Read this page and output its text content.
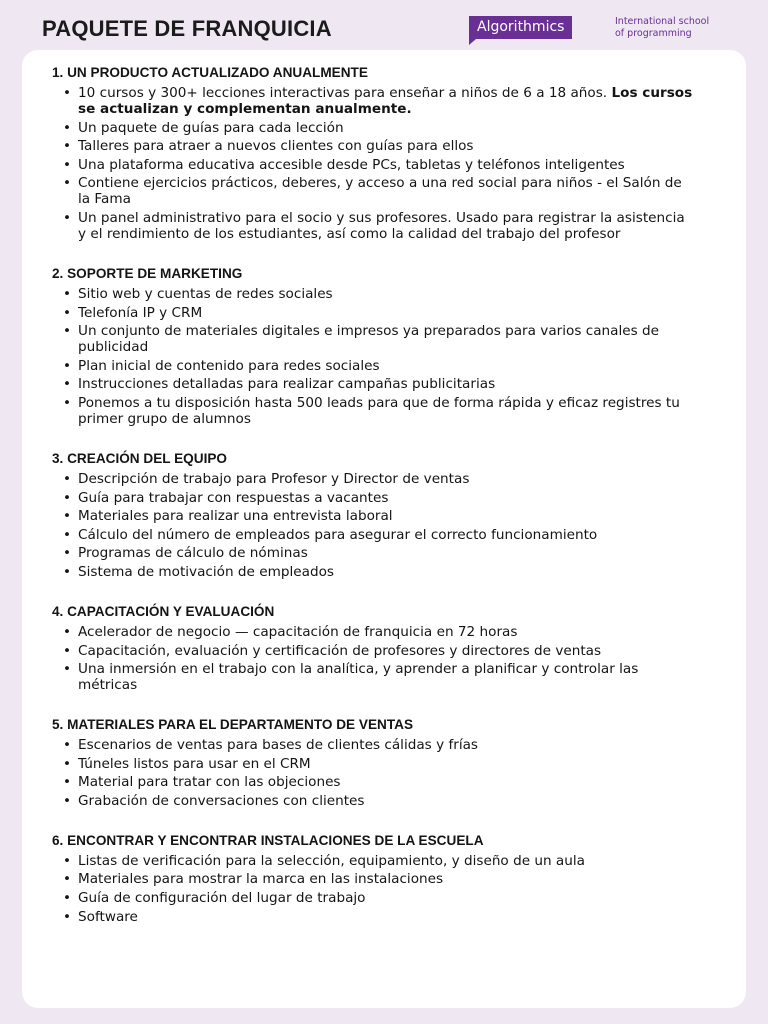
PAQUETE DE FRANQUICIA	Algorithmics	International school
of programming
1. UN PRODUCTO ACTUALIZADO ANUALMENTE
• 10 cursos y 300+ lecciones interactivas para enseñar a niños de 6 a 18 años. Los cursos se actualizan y complementan anualmente.
• Un paquete de guías para cada lección
• Talleres para atraer a nuevos clientes con guías para ellos
• Una plataforma educativa accesible desde PCs, tabletas y teléfonos inteligentes
• Contiene ejercicios prácticos, deberes, y acceso a una red social para niños - el Salón de la Fama
• Un panel administrativo para el socio y sus profesores. Usado para registrar la asistencia y el rendimiento de los estudiantes, así como la calidad del trabajo del profesor
2. SOPORTE DE MARKETING
• Sitio web y cuentas de redes sociales
• Telefonía IP y CRM
• Un conjunto de materiales digitales e impresos ya preparados para varios canales de publicidad
• Plan inicial de contenido para redes sociales
• Instrucciones detalladas para realizar campañas publicitarias
• Ponemos a tu disposición hasta 500 leads para que de forma rápida y eficaz registres tu primer grupo de alumnos
3. CREACIÓN DEL EQUIPO
• Descripción de trabajo para Profesor y Director de ventas
• Guía para trabajar con respuestas a vacantes
• Materiales para realizar una entrevista laboral
• Cálculo del número de empleados para asegurar el correcto funcionamiento
• Programas de cálculo de nóminas
• Sistema de motivación de empleados
4. CAPACITACIÓN Y EVALUACIÓN
• Acelerador de negocio — capacitación de franquicia en 72 horas
• Capacitación, evaluación y certificación de profesores y directores de ventas
• Una inmersión en el trabajo con la analítica, y aprender a planificar y controlar las métricas
5. MATERIALES PARA EL DEPARTAMENTO DE VENTAS
• Escenarios de ventas para bases de clientes cálidas y frías
• Túneles listos para usar en el CRM
• Material para tratar con las objeciones
• Grabación de conversaciones con clientes
6. ENCONTRAR Y ENCONTRAR INSTALACIONES DE LA ESCUELA
• Listas de verificación para la selección, equipamiento, y diseño de un aula
• Materiales para mostrar la marca en las instalaciones
• Guía de configuración del lugar de trabajo
• Software
